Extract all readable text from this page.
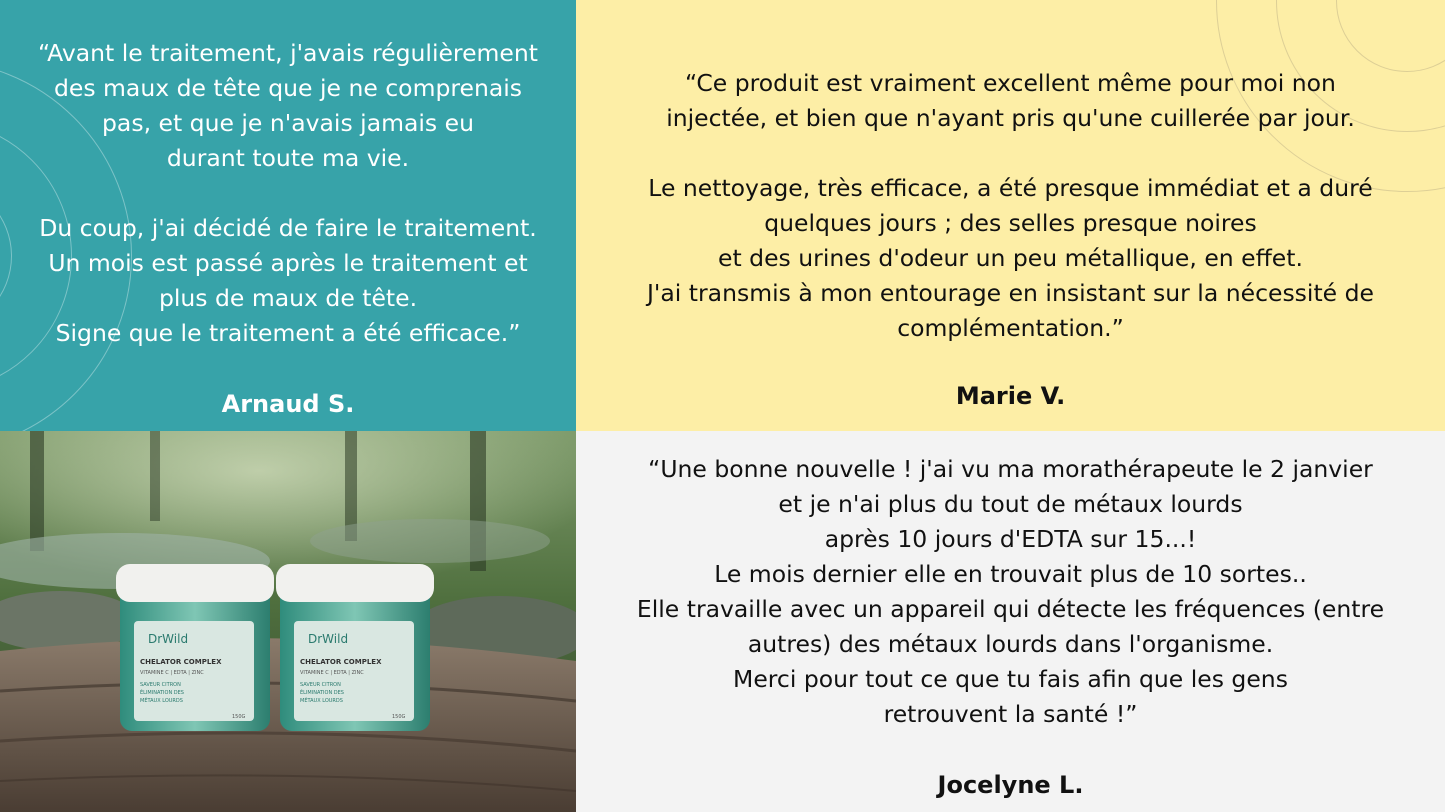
“Avant le traitement, j'avais régulièrement
des maux de tête que je ne comprenais
pas, et que je n'avais jamais eu
durant toute ma vie.

Du coup, j'ai décidé de faire le traitement.
Un mois est passé après le traitement et
plus de maux de tête.
Signe que le traitement a été efficace.”
Arnaud S.
“Ce produit est vraiment excellent même pour moi non
injectée, et bien que n'ayant pris qu'une cuillerée par jour.

Le nettoyage, très efficace, a été presque immédiat et a duré
quelques jours ; des selles presque noires
et des urines d'odeur un peu métallique, en effet.
J'ai transmis à mon entourage en insistant sur la nécessité de
complémentation.”
Marie V.
DrWild
CHELATOR COMPLEX
VITAMINE C | EDTA | ZINC
SAVEUR CITRON
ÉLIMINATION DES
MÉTAUX LOURDS
150G
DrWild
CHELATOR COMPLEX
VITAMINE C | EDTA | ZINC
SAVEUR CITRON
ÉLIMINATION DES
MÉTAUX LOURDS
150G
“Une bonne nouvelle ! j'ai vu ma morathérapeute le 2 janvier
et je n'ai plus du tout de métaux lourds
après 10 jours d'EDTA sur 15...!
Le mois dernier elle en trouvait plus de 10 sortes..
Elle travaille avec un appareil qui détecte les fréquences (entre
autres) des métaux lourds dans l'organisme.
Merci pour tout ce que tu fais afin que les gens
retrouvent la santé !”
Jocelyne L.
